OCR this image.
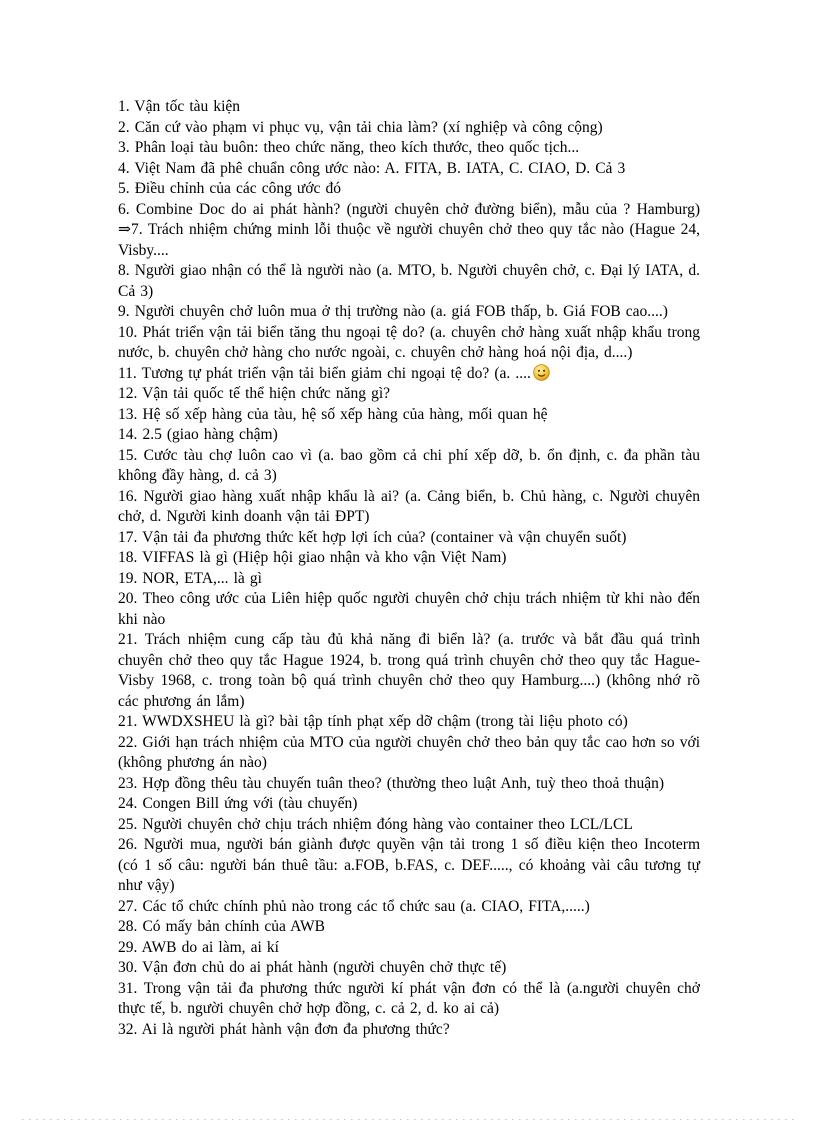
1. Vận tốc tàu kiện

2. Căn cứ vào phạm vi phục vụ, vận tải chia làm? (xí nghiệp và công cộng)

3. Phân loại tàu buôn: theo chức năng, theo kích thước, theo quốc tịch...

4. Việt Nam đã phê chuẩn công ước nào: A. FITA, B. IATA, C. CIAO, D. Cả 3

5. Điều chỉnh của các công ước đó

6. Combine Doc do ai phát hành? (người chuyên chở đường biển), mẫu của ? Hamburg) ⇒7. Trách nhiệm chứng minh lỗi thuộc về người chuyên chở theo quy tắc nào (Hague 24, Visby....

8. Người giao nhận có thể là người nào (a. MTO, b. Người chuyên chở, c. Đại lý IATA, d. Cả 3)

9. Người chuyên chở luôn mua ở thị trường nào (a. giá FOB thấp, b. Giá FOB cao....)

10. Phát triển vận tải biển tăng thu ngoại tệ do? (a. chuyên chở hàng xuất nhập khẩu trong nước, b. chuyên chở hàng cho nước ngoài, c. chuyên chở hàng hoá nội địa, d....)

11. Tương tự phát triển vận tải biển giảm chi ngoại tệ do? (a. ....

12. Vận tải quốc tế thể hiện chức năng gì?

13. Hệ số xếp hàng của tàu, hệ số xếp hàng của hàng, mối quan hệ

14. 2.5 (giao hàng chậm)

15. Cước tàu chợ luôn cao vì (a. bao gồm cả chi phí xếp dỡ, b. ổn định, c. đa phần tàu không đầy hàng, d. cả 3)

16. Người giao hàng xuất nhập khẩu là ai? (a. Cảng biển, b. Chủ hàng, c. Người chuyên chở, d. Người kinh doanh vận tải ĐPT)

17. Vận tải đa phương thức kết hợp lợi ích của? (container và vận chuyển suốt)

18. VIFFAS là gì (Hiệp hội giao nhận và kho vận Việt Nam)

19. NOR, ETA,... là gì

20. Theo công ước của Liên hiệp quốc người chuyên chở chịu trách nhiệm từ khi nào đến khi nào

21. Trách nhiệm cung cấp tàu đủ khả năng đi biển là? (a. trước và bắt đầu quá trình chuyên chở theo quy tắc Hague 1924, b. trong quá trình chuyên chở theo quy tắc Hague-Visby 1968, c. trong toàn bộ quá trình chuyên chở theo quy Hamburg....) (không nhớ rõ các phương án lắm)

21. WWDXSHEU là gì? bài tập tính phạt xếp dỡ chậm (trong tài liệu photo có)

22. Giới hạn trách nhiệm của MTO của người chuyên chở theo bản quy tắc cao hơn so với (không phương án nào)

23. Hợp đồng thêu tàu chuyến tuân theo? (thường theo luật Anh, tuỳ theo thoả thuận)

24. Congen Bill ứng với (tàu chuyến)

25. Người chuyên chở chịu trách nhiệm đóng hàng vào container theo LCL/LCL

26. Người mua, người bán giành được quyền vận tải trong 1 số điều kiện theo Incoterm (có 1 số câu: người bán thuê tầu: a.FOB, b.FAS, c. DEF....., có khoảng vài câu tương tự như vậy)

27. Các tổ chức chính phủ nào trong các tổ chức sau (a. CIAO, FITA,.....)

28. Có mấy bản chính của AWB

29. AWB do ai làm, ai kí

30. Vận đơn chủ do ai phát hành (người chuyên chở thực tế)

31. Trong vận tải đa phương thức người kí phát vận đơn có thể là (a.người chuyên chở thực tế, b. người chuyên chở hợp đồng, c. cả 2, d. ko ai cả)

32. Ai là người phát hành vận đơn đa phương thức?
